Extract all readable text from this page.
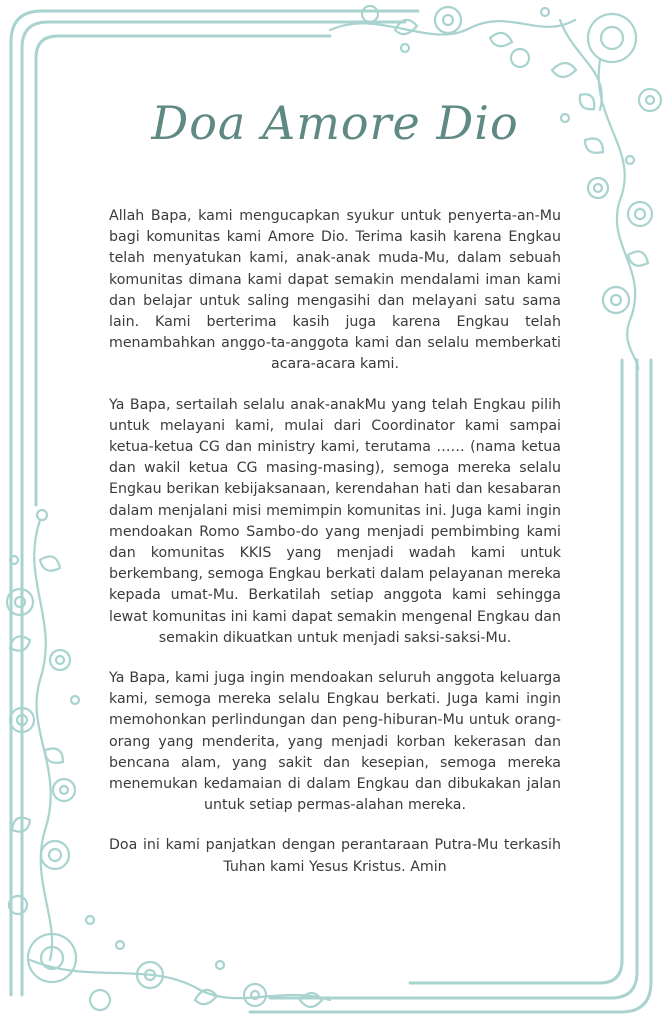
Doa Amore Dio

Allah Bapa, kami mengucapkan syukur untuk penyerta-an-Mu bagi komunitas kami Amore Dio. Terima kasih karena Engkau telah menyatukan kami, anak-anak muda-Mu, dalam sebuah komunitas dimana kami dapat semakin mendalami iman kami dan belajar untuk saling mengasihi dan melayani satu sama lain. Kami berterima kasih juga karena Engkau telah menambahkan anggo-ta-anggota kami dan selalu memberkati acara-acara kami.

Ya Bapa, sertailah selalu anak-anakMu yang telah Engkau pilih untuk melayani kami, mulai dari Coordinator kami sampai ketua-ketua CG dan ministry kami, terutama …… (nama ketua dan wakil ketua CG masing-masing), semoga mereka selalu Engkau berikan kebijaksanaan, kerendahan hati dan kesabaran dalam menjalani misi memimpin komunitas ini. Juga kami ingin mendoakan Romo Sambo-do yang menjadi pembimbing kami dan komunitas KKIS yang menjadi wadah kami untuk berkembang, semoga Engkau berkati dalam pelayanan mereka kepada umat-Mu. Berkatilah setiap anggota kami sehingga lewat komunitas ini kami dapat semakin mengenal Engkau dan semakin dikuatkan untuk menjadi saksi-saksi-Mu.

Ya Bapa, kami juga ingin mendoakan seluruh anggota keluarga kami, semoga mereka selalu Engkau berkati. Juga kami ingin memohonkan perlindungan dan peng-hiburan-Mu untuk orang-orang yang menderita, yang menjadi korban kekerasan dan bencana alam, yang sakit dan kesepian, semoga mereka menemukan kedamaian di dalam Engkau dan dibukakan jalan untuk setiap permas-alahan mereka.

Doa ini kami panjatkan dengan perantaraan Putra-Mu terkasih Tuhan kami Yesus Kristus. Amin
